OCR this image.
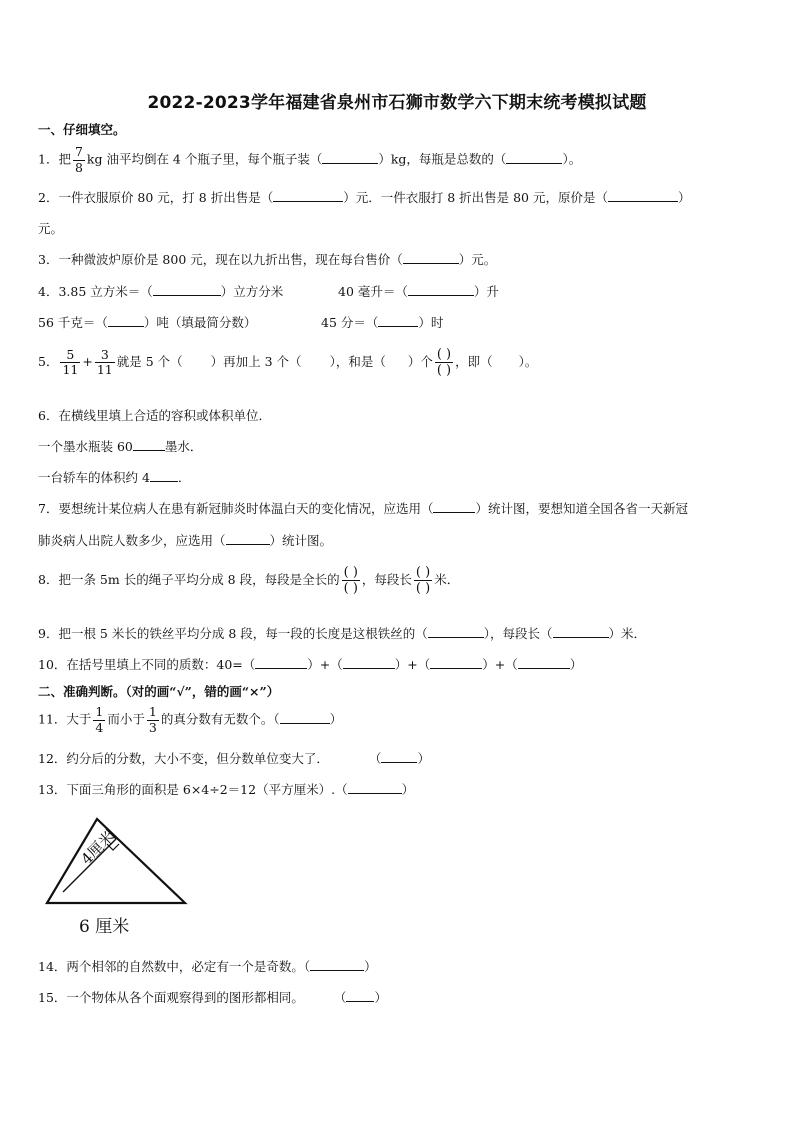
2022-2023学年福建省泉州市石狮市数学六下期末统考模拟试题
一、仔细填空。
1．把 $\frac{7}{8}$ kg 油平均倒在 4 个瓶子里，每个瓶子装（	）kg，每瓶是总数的（	）。
2．一件衣服原价 80 元，打 8 折出售是（	）元．一件衣服打 8 折出售是 80 元，原价是（	）
元。
3．一种微波炉原价是 800 元，现在以九折出售，现在每台售价（	）元。
4．3.85 立方米＝（	）立方分米	40 毫升＝（	）升
56 千克＝（	）吨（填最简分数）	45 分＝（	）时
5． $\frac{5}{11} + \frac{3}{11}$ 就是 5 个（ ）再加上 3 个（ ），和是（ ）个 $\frac{( )}{( )}$ ，即（ ）。
6．在横线里填上合适的容积或体积单位．
一个墨水瓶装 60	墨水．
一台轿车的体积约 4 ．
7．要想统计某位病人在患有新冠肺炎时体温白天的变化情况，应选用（	）统计图，要想知道全国各省一天新冠
肺炎病人出院人数多少，应选用（	）统计图。
8．把一条 5m 长的绳子平均分成 8 段，每段是全长的 $\frac{( )}{( )}$ ，每段长 $\frac{( )}{( )}$ 米．
9．把一根 5 米长的铁丝平均分成 8 段，每一段的长度是这根铁丝的（	），每段长（	）米．
10．在括号里填上不同的质数：40=（	）+（	）+（	）+（	）
二、准确判断。（对的画“√”，错的画“×”）
11．大于 $\frac{1}{4}$ 而小于 $\frac{1}{3}$ 的真分数有无数个。（	）
12．约分后的分数，大小不变，但分数单位变大了．	（	）
13．下面三角形的面积是 6×4÷2＝12（平方厘米）.（	）
4厘米
6 厘米
14．两个相邻的自然数中，必定有一个是奇数。（	）
15．一个物体从各个面观察得到的图形都相同。 （ ）
